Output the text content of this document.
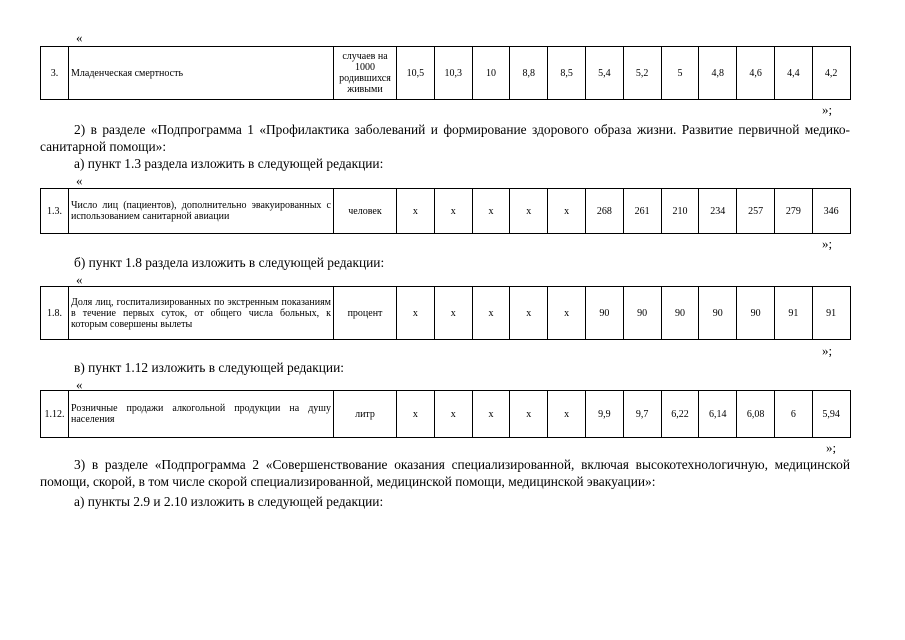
«
3.	Младенческая смертность	случаев на 1000 родившихся живыми	10,5	10,3	10	8,8	8,5	5,4	5,2	5	4,8	4,6	4,4	4,2
»;
2) в разделе «Подпрограмма 1 «Профилактика заболеваний и формирование здорового образа жизни. Развитие первичной медико-санитарной помощи»:
а) пункт 1.3 раздела изложить в следующей редакции:
«
1.3.	Число лиц (пациентов), дополнительно эвакуированных с использованием санитарной авиации	человек	х	х	х	х	х	268	261	210	234	257	279	346
»;
б) пункт 1.8 раздела изложить в следующей редакции:
«
1.8.	Доля лиц, госпитализированных по экстренным показаниям в течение первых суток, от общего числа больных, к которым совершены вылеты	процент	х	х	х	х	х	90	90	90	90	90	91	91
»;
в) пункт 1.12 изложить в следующей редакции:
«
1.12.	Розничные продажи алкогольной продукции на душу населения	литр	х	х	х	х	х	9,9	9,7	6,22	6,14	6,08	6	5,94
»;
3) в разделе «Подпрограмма 2 «Совершенствование оказания специализированной, включая высокотехнологичную, медицинской помощи, скорой, в том числе скорой специализированной, медицинской помощи, медицинской эвакуации»:
а) пункты 2.9 и 2.10 изложить в следующей редакции:
